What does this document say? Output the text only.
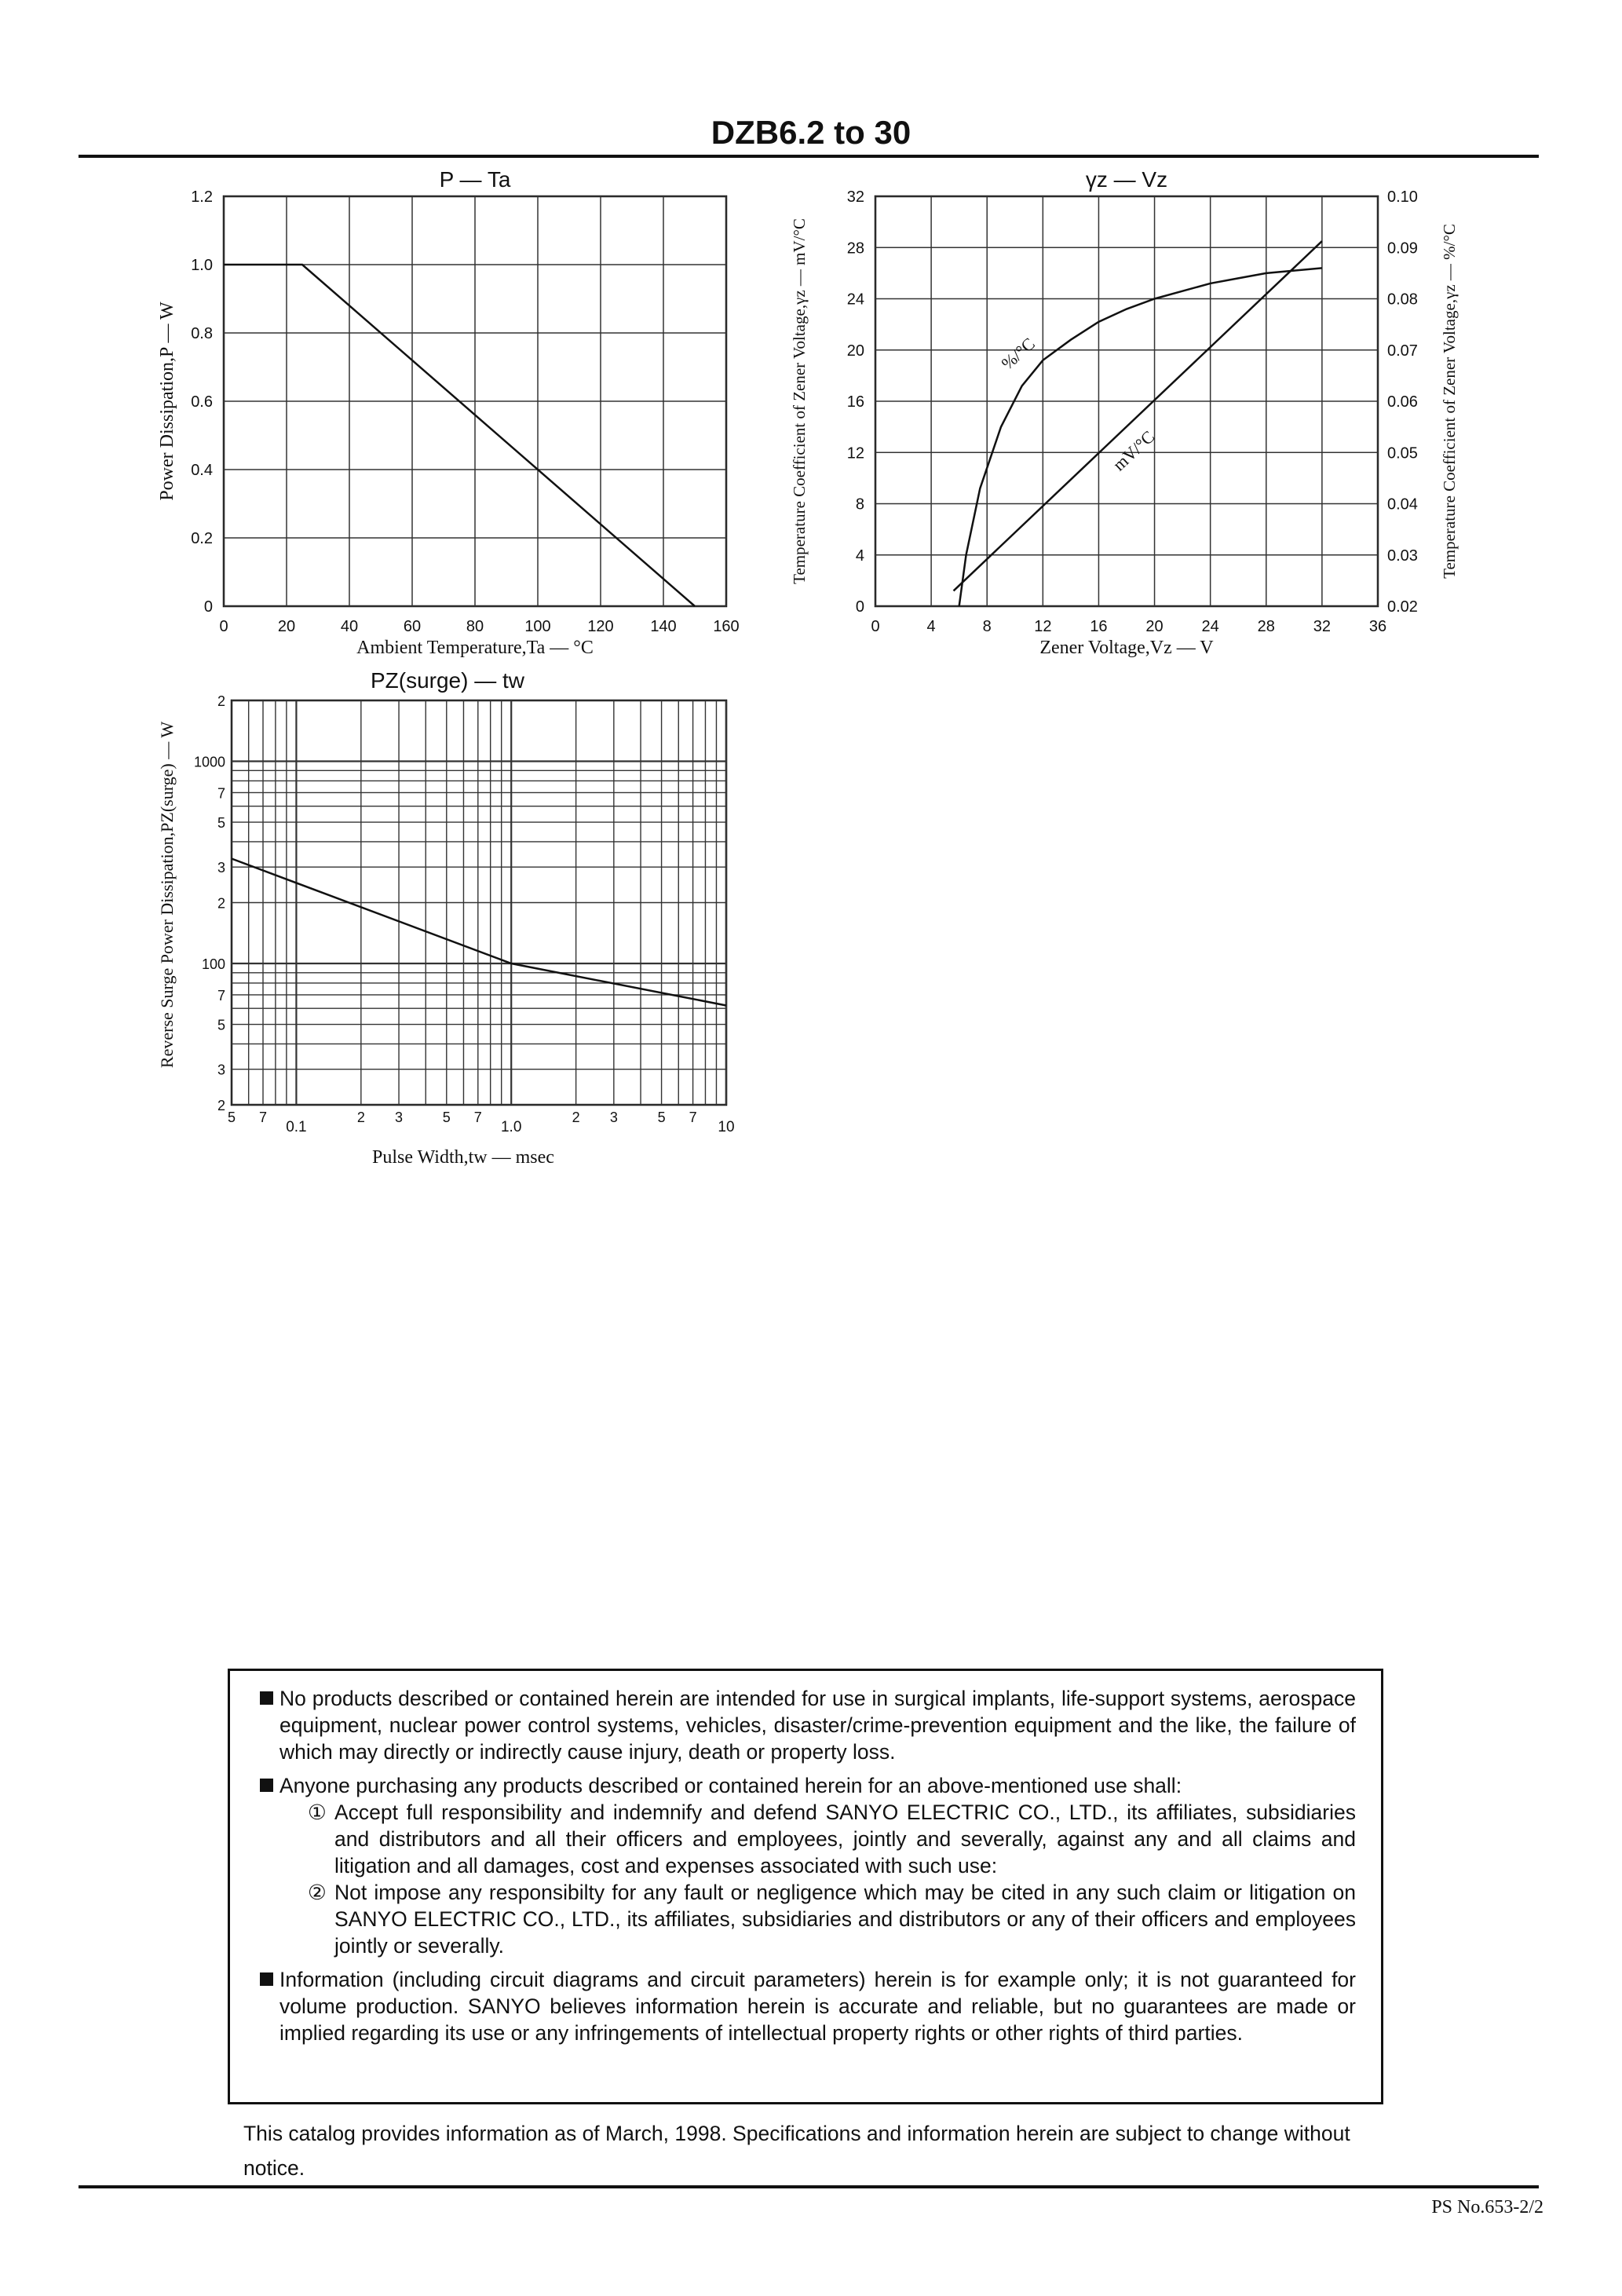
DZB6.2 to 30
0	20	40	60	80	100 120 140 160
0
0.2
0.4
0.6
0.8
1.0
1.2
P — Ta
Ambient Temperature,Ta — °C
Power Dissipation,P — W
0	4	8	12 16 20 24 28 32 36
0
4
8
12
16
20
24
28
32
0.02
0.03
0.04
0.05
0.06
0.07
0.08
0.09
0.10
%/°C
mV/°C
γz — Vz
Zener Voltage,Vz — V
Temperature Coefficient of Zener Voltage,γz — mV/°C	Temperature Coefficient of Zener Voltage,γz — %/°C
5 7
0.1
2 3	5 7
1.0
2 3	5 7
10
2
3
5
7
100
2
3
5
7
1000
2
PZ(surge) — tw
Pulse Width,tw — msec
Reverse Surge Power Dissipation,PZ(surge) — W
No products described or contained herein are intended for use in surgical implants, life-support systems, aerospace equipment, nuclear power control systems, vehicles, disaster/crime-prevention equipment and the like, the failure of which may directly or indirectly cause injury, death or property loss.
Anyone purchasing any products described or contained herein for an above-mentioned use shall:
① Accept full responsibility and indemnify and defend SANYO ELECTRIC CO., LTD., its affiliates, subsidiaries and distributors and all their officers and employees, jointly and severally, against any and all claims and litigation and all damages, cost and expenses associated with such use:
② Not impose any responsibilty for any fault or negligence which may be cited in any such claim or litigation on SANYO ELECTRIC CO., LTD., its affiliates, subsidiaries and distributors or any of their officers and employees jointly or severally.
Information (including circuit diagrams and circuit parameters) herein is for example only; it is not guaranteed for volume production. SANYO believes information herein is accurate and reliable, but no guarantees are made or implied regarding its use or any infringements of intellectual property rights or other rights of third parties.
This catalog provides information as of March, 1998. Specifications and information herein are subject to change without notice.
PS No.653-2/2
